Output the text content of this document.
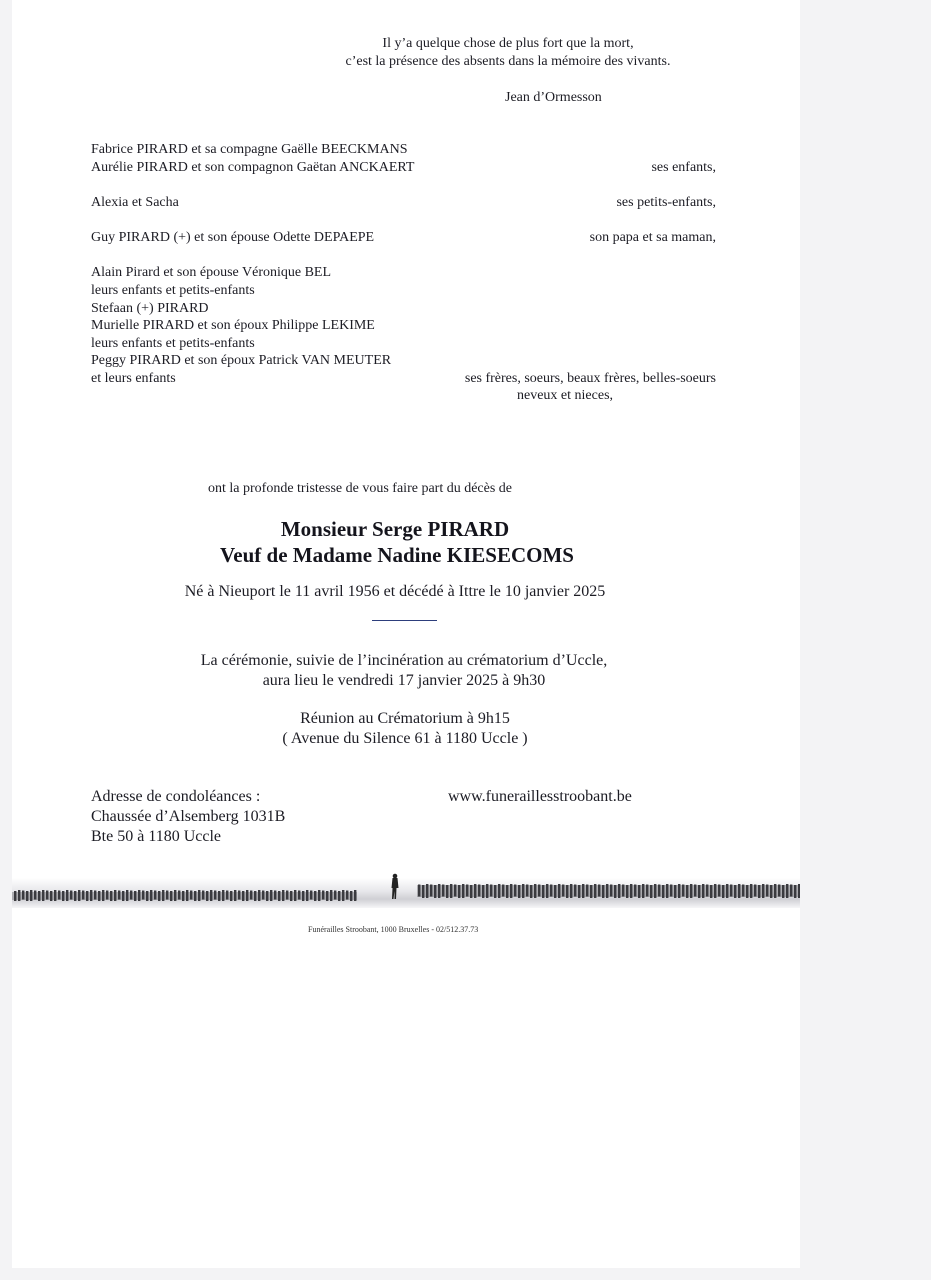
Il y’a quelque chose de plus fort que la mort,
c’est la présence des absents dans la mémoire des vivants.
Jean d’Ormesson
Fabrice PIRARD et sa compagne Gaëlle BEECKMANS
Aurélie PIRARD et son compagnon Gaëtan ANCKAERT	ses enfants,
Alexia et Sacha	ses petits-enfants,
Guy PIRARD (+) et son épouse Odette DEPAEPE	son papa et sa maman,
Alain Pirard et son épouse Véronique BEL
leurs enfants et petits-enfants
Stefaan (+) PIRARD
Murielle PIRARD et son époux Philippe LEKIME
leurs enfants et petits-enfants
Peggy PIRARD et son époux Patrick VAN MEUTER
et leurs enfants	ses frères, soeurs, beaux frères, belles-soeurs
neveux et nieces,
ont la profonde tristesse de vous faire part du décès de
Monsieur Serge PIRARD
Veuf de Madame Nadine KIESECOMS
Né à Nieuport le 11 avril 1956 et décédé à Ittre le 10 janvier 2025
La cérémonie, suivie de l’incinération au crématorium d’Uccle,
aura lieu le vendredi 17 janvier 2025 à 9h30
Réunion au Crématorium à 9h15
( Avenue du Silence 61 à 1180 Uccle )
Adresse de condoléances :
Chaussée d’Alsemberg 1031B
Bte 50 à 1180 Uccle
www.funeraillesstroobant.be
Funérailles Stroobant, 1000 Bruxelles - 02/512.37.73
